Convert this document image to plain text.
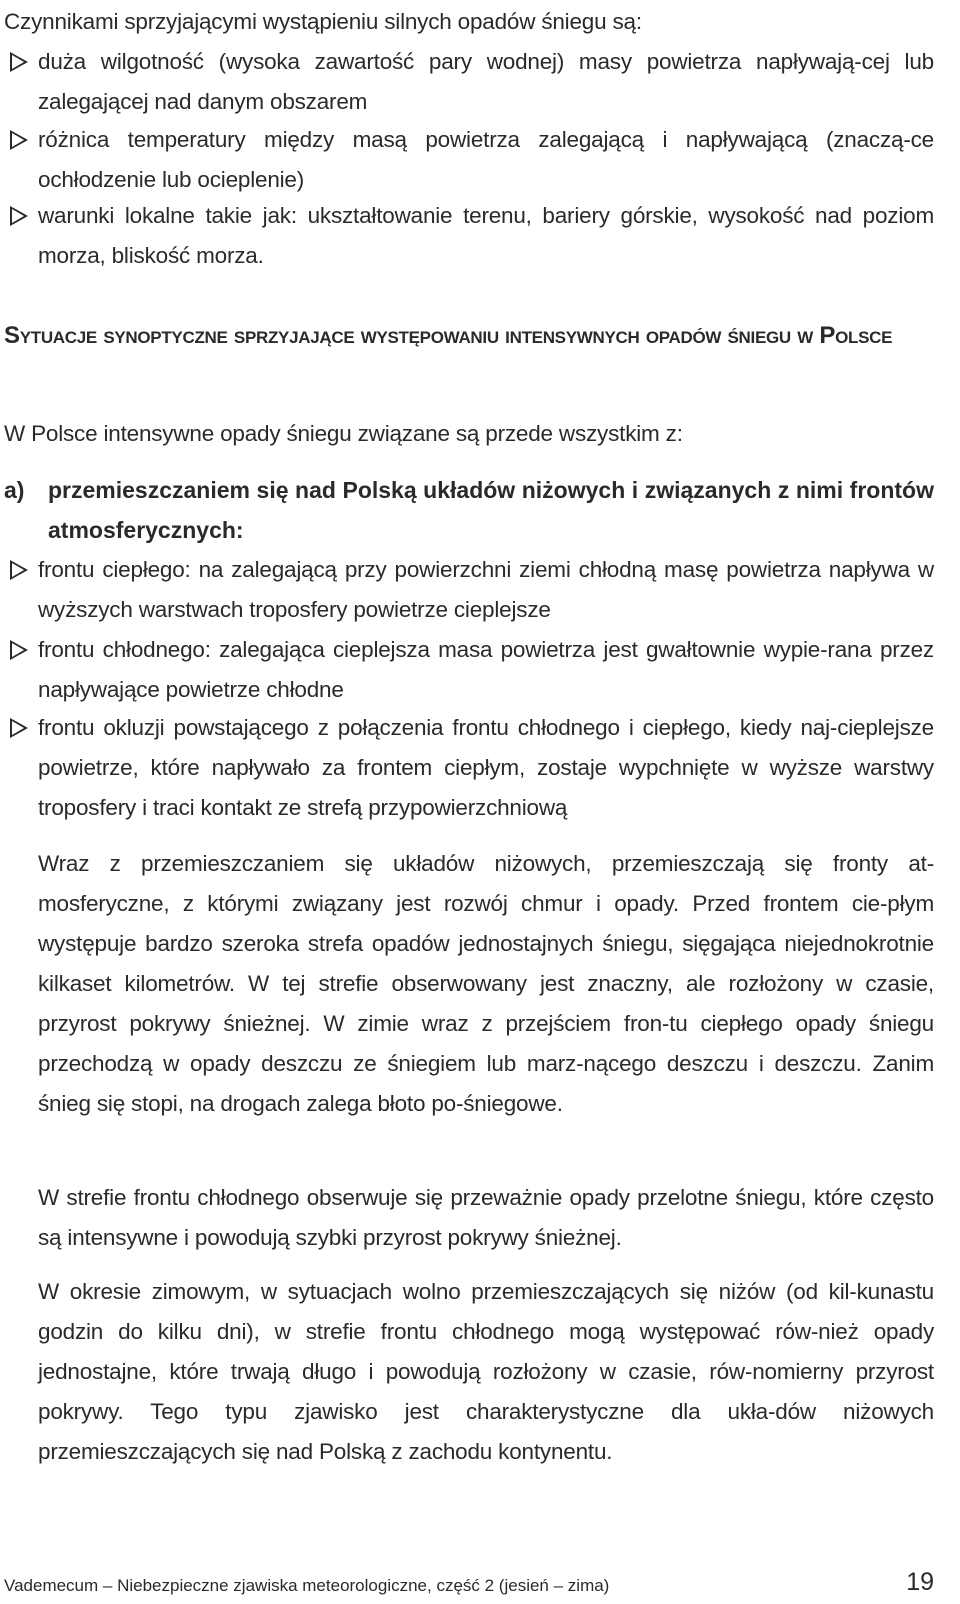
Czynnikami sprzyjającymi wystąpieniu silnych opadów śniegu są:
duża wilgotność (wysoka zawartość pary wodnej) masy powietrza napływają-cej lub zalegającej nad danym obszarem
różnica temperatury między masą powietrza zalegającą i napływającą (znaczą-ce ochłodzenie lub ocieplenie)
warunki lokalne takie jak: ukształtowanie terenu, bariery górskie, wysokość nad poziom morza, bliskość morza.
Sytuacje synoptyczne sprzyjające występowaniu intensywnych opadów śniegu w Polsce
W Polsce intensywne opady śniegu związane są przede wszystkim z:
a)	przemieszczaniem się nad Polską układów niżowych i związanych z nimi frontów atmosferycznych:
frontu ciepłego: na zalegającą przy powierzchni ziemi chłodną masę powietrza napływa w wyższych warstwach troposfery powietrze cieplejsze
frontu chłodnego: zalegająca cieplejsza masa powietrza jest gwałtownie wypie-rana przez napływające powietrze chłodne
frontu okluzji powstającego z połączenia frontu chłodnego i ciepłego, kiedy naj-cieplejsze powietrze, które napływało za frontem ciepłym, zostaje wypchnięte w wyższe warstwy troposfery i traci kontakt ze strefą przypowierzchniową
Wraz z przemieszczaniem się układów niżowych, przemieszczają się fronty at-mosferyczne, z którymi związany jest rozwój chmur i opady. Przed frontem cie-płym występuje bardzo szeroka strefa opadów jednostajnych śniegu, sięgająca niejednokrotnie kilkaset kilometrów. W tej strefie obserwowany jest znaczny, ale rozłożony w czasie, przyrost pokrywy śnieżnej. W zimie wraz z przejściem fron-tu ciepłego opady śniegu przechodzą w opady deszczu ze śniegiem lub marz-nącego deszczu i deszczu. Zanim śnieg się stopi, na drogach zalega błoto po-śniegowe.
W strefie frontu chłodnego obserwuje się przeważnie opady przelotne śniegu, które często są intensywne i powodują szybki przyrost pokrywy śnieżnej.
W okresie zimowym, w sytuacjach wolno przemieszczających się niżów (od kil-kunastu godzin do kilku dni), w strefie frontu chłodnego mogą występować rów-nież opady jednostajne, które trwają długo i powodują rozłożony w czasie, rów-nomierny przyrost pokrywy. Tego typu zjawisko jest charakterystyczne dla ukła-dów niżowych przemieszczających się nad Polską z zachodu kontynentu.
Vademecum – Niebezpieczne zjawiska meteorologiczne, część 2 (jesień – zima)	19
